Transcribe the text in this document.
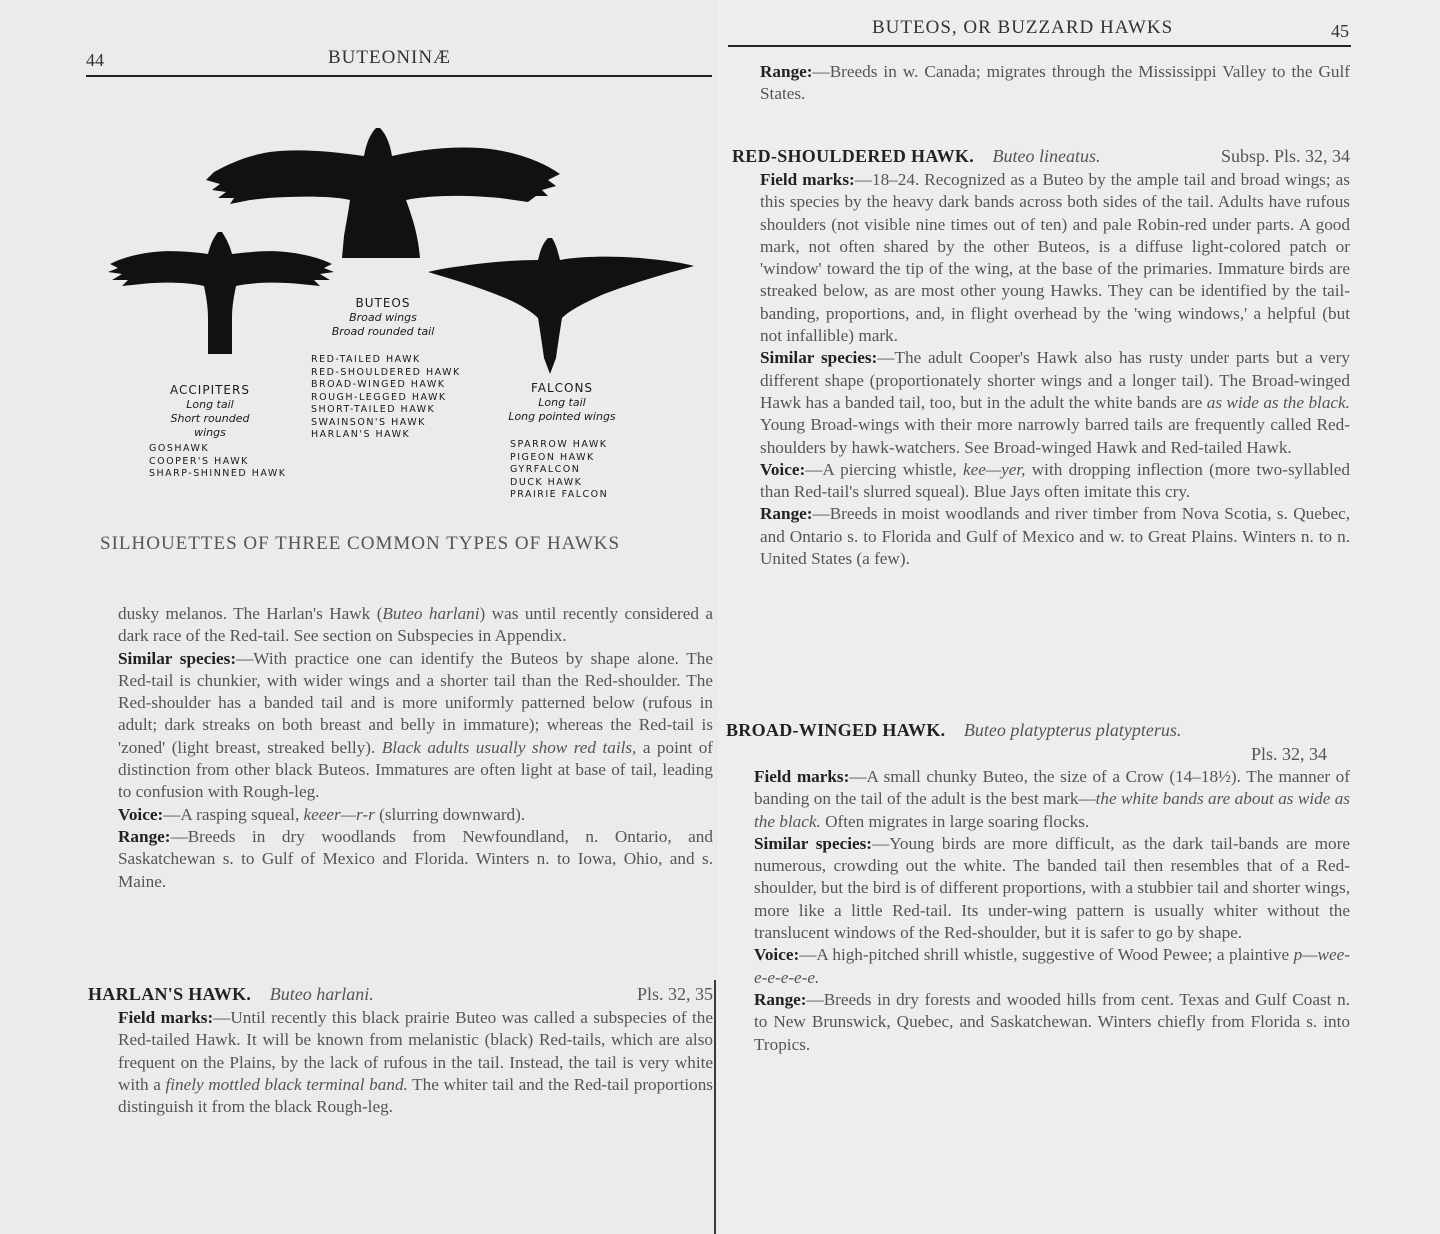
44	BUTEONINÆ
ACCIPITERS
Long tail
Short rounded wings
GOSHAWK
COOPER'S HAWK
SHARP-SHINNED HAWK
BUTEOS
Broad wings
Broad rounded tail
RED-TAILED HAWK
RED-SHOULDERED HAWK
BROAD-WINGED HAWK
ROUGH-LEGGED HAWK
SHORT-TAILED HAWK
SWAINSON'S HAWK
HARLAN'S HAWK
FALCONS
Long tail
Long pointed wings
SPARROW HAWK
PIGEON HAWK
GYRFALCON
DUCK HAWK
PRAIRIE FALCON
SILHOUETTES OF THREE COMMON TYPES OF HAWKS

dusky melanos. The Harlan's Hawk (Buteo harlani) was until recently considered a dark race of the Red-tail. See section on Subspecies in Appendix.

Similar species:—With practice one can identify the Buteos by shape alone. The Red-tail is chunkier, with wider wings and a shorter tail than the Red-shoulder. The Red-shoulder has a banded tail and is more uniformly patterned below (rufous in adult; dark streaks on both breast and belly in immature); whereas the Red-tail is 'zoned' (light breast, streaked belly). Black adults usually show red tails, a point of distinction from other black Buteos. Immatures are often light at base of tail, leading to confusion with Rough-leg.

Voice:—A rasping squeal, keeer—r-r (slurring downward).

Range:—Breeds in dry woodlands from Newfoundland, n. Ontario, and Saskatchewan s. to Gulf of Mexico and Florida. Winters n. to Iowa, Ohio, and s. Maine.

HARLAN'S HAWK. Buteo harlani.	Pls. 32, 35

Field marks:—Until recently this black prairie Buteo was called a subspecies of the Red-tailed Hawk. It will be known from melanistic (black) Red-tails, which are also frequent on the Plains, by the lack of rufous in the tail. Instead, the tail is very white with a finely mottled black terminal band. The whiter tail and the Red-tail proportions distinguish it from the black Rough-leg.

BUTEOS, OR BUZZARD HAWKS	45

Range:—Breeds in w. Canada; migrates through the Mississippi Valley to the Gulf States.

RED-SHOULDERED HAWK. Buteo lineatus.	Subsp. Pls. 32, 34

Field marks:—18–24. Recognized as a Buteo by the ample tail and broad wings; as this species by the heavy dark bands across both sides of the tail. Adults have rufous shoulders (not visible nine times out of ten) and pale Robin-red under parts. A good mark, not often shared by the other Buteos, is a diffuse light-colored patch or 'window' toward the tip of the wing, at the base of the primaries. Immature birds are streaked below, as are most other young Hawks. They can be identified by the tail-banding, proportions, and, in flight overhead by the 'wing windows,' a helpful (but not infallible) mark.

Similar species:—The adult Cooper's Hawk also has rusty under parts but a very different shape (proportionately shorter wings and a longer tail). The Broad-winged Hawk has a banded tail, too, but in the adult the white bands are as wide as the black. Young Broad-wings with their more narrowly barred tails are frequently called Red-shoulders by hawk-watchers. See Broad-winged Hawk and Red-tailed Hawk.

Voice:—A piercing whistle, kee—yer, with dropping inflection (more two-syllabled than Red-tail's slurred squeal). Blue Jays often imitate this cry.

Range:—Breeds in moist woodlands and river timber from Nova Scotia, s. Quebec, and Ontario s. to Florida and Gulf of Mexico and w. to Great Plains. Winters n. to n. United States (a few).

BROAD-WINGED HAWK. Buteo platypterus platypterus.
Pls. 32, 34

Field marks:—A small chunky Buteo, the size of a Crow (14–18½). The manner of banding on the tail of the adult is the best mark—the white bands are about as wide as the black. Often migrates in large soaring flocks.

Similar species:—Young birds are more difficult, as the dark tail-bands are more numerous, crowding out the white. The banded tail then resembles that of a Red-shoulder, but the bird is of different proportions, with a stubbier tail and shorter wings, more like a little Red-tail. Its under-wing pattern is usually whiter without the translucent windows of the Red-shoulder, but it is safer to go by shape.

Voice:—A high-pitched shrill whistle, suggestive of Wood Pewee; a plaintive p—wee-e-e-e-e-e.

Range:—Breeds in dry forests and wooded hills from cent. Texas and Gulf Coast n. to New Brunswick, Quebec, and Saskatchewan. Winters chiefly from Florida s. into Tropics.
